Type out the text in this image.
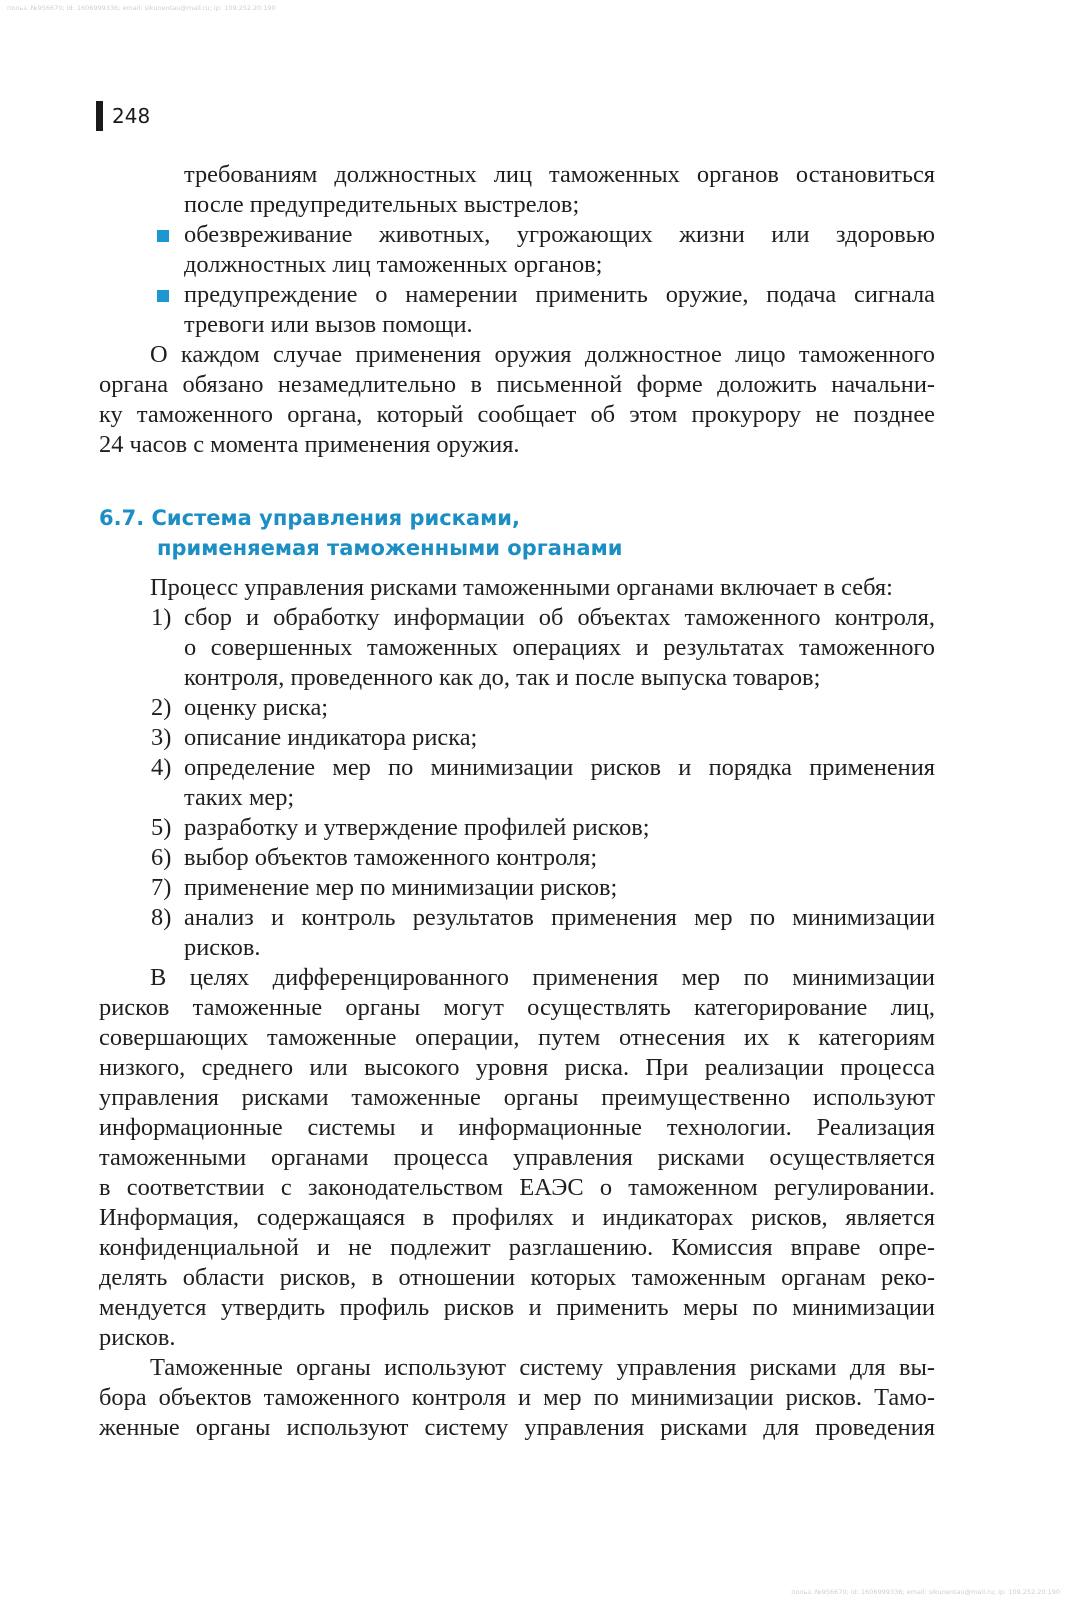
польз. №956670; id: 1606999336; email: sikunentau@mail.ru; ip: 109.252.20.190
248
требованиям должностных лиц таможенных органов остановиться
после предупредительных выстрелов;
обезвреживание животных, угрожающих жизни или здоровью
должностных лиц таможенных органов;
предупреждение о намерении применить оружие, подача сигнала
тревоги или вызов помощи.
О каждом случае применения оружия должностное лицо таможенного
органа обязано незамедлительно в письменной форме доложить начальни-
ку таможенного органа, который сообщает об этом прокурору не позднее
24 часов с момента применения оружия.
6.7. Система управления рисками,
применяемая таможенными органами
Процесс управления рисками таможенными органами включает в себя:
1) сбор и обработку информации об объектах таможенного контроля,
о совершенных таможенных операциях и результатах таможенного
контроля, проведенного как до, так и после выпуска товаров;
2) оценку риска;
3) описание индикатора риска;
4) определение мер по минимизации рисков и порядка применения
таких мер;
5) разработку и утверждение профилей рисков;
6) выбор объектов таможенного контроля;
7) применение мер по минимизации рисков;
8) анализ и контроль результатов применения мер по минимизации
рисков.
В целях дифференцированного применения мер по минимизации
рисков таможенные органы могут осуществлять категорирование лиц,
совершающих таможенные операции, путем отнесения их к категориям
низкого, среднего или высокого уровня риска. При реализации процесса
управления рисками таможенные органы преимущественно используют
информационные системы и информационные технологии. Реализация
таможенными органами процесса управления рисками осуществляется
в соответствии с законодательством ЕАЭС о таможенном регулировании.
Информация, содержащаяся в профилях и индикаторах рисков, является
конфиденциальной и не подлежит разглашению. Комиссия вправе опре-
делять области рисков, в отношении которых таможенным органам реко-
мендуется утвердить профиль рисков и применить меры по минимизации
рисков.
Таможенные органы используют систему управления рисками для вы-
бора объектов таможенного контроля и мер по минимизации рисков. Тамо-
женные органы используют систему управления рисками для проведения
польз. №956670; id: 1606999336; email: sikunentau@mail.ru; ip: 109.252.20.190
